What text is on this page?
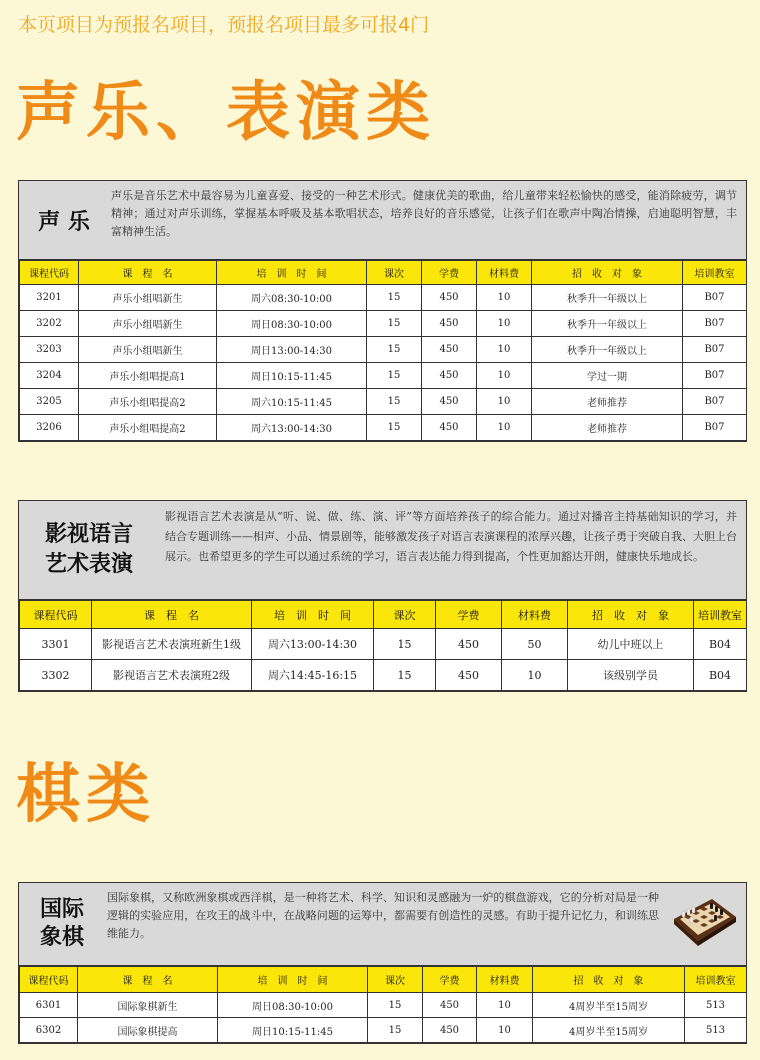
本页项目为预报名项目，预报名项目最多可报4门
声乐、表演类
声 乐
声乐是音乐艺术中最容易为儿童喜爱、接受的一种艺术形式。健康优美的歌曲，给儿童带来轻松愉快的感受，能消除疲劳，调节精神；通过对声乐训练，掌握基本呼吸及基本歌唱状态，培养良好的音乐感觉，让孩子们在歌声中陶冶情操，启迪聪明智慧，丰富精神生活。
课程代码	课　程　名	培　训　时　间	课次	学费	材料费	招　收　对　象	培训教室
3201	声乐小组唱新生	周六08:30-10:00	15	450	10	秋季升一年级以上	B07
3202	声乐小组唱新生	周日08:30-10:00	15	450	10	秋季升一年级以上	B07
3203	声乐小组唱新生	周日13:00-14:30	15	450	10	秋季升一年级以上	B07
3204	声乐小组唱提高1	周日10:15-11:45	15	450	10	学过一期	B07
3205	声乐小组唱提高2	周六10:15-11:45	15	450	10	老师推荐	B07
3206	声乐小组唱提高2	周六13:00-14:30	15	450	10	老师推荐	B07
影视语言
艺术表演
影视语言艺术表演是从“听、说、做、练、演、评”等方面培养孩子的综合能力。通过对播音主持基础知识的学习，并结合专题训练——相声、小品、情景剧等，能够激发孩子对语言表演课程的浓厚兴趣，让孩子勇于突破自我、大胆上台展示。也希望更多的学生可以通过系统的学习，语言表达能力得到提高，个性更加豁达开朗，健康快乐地成长。
课程代码	课　程　名	培　训　时　间	课次	学费	材料费	招　收　对　象	培训教室
3301	影视语言艺术表演班新生1级	周六13:00-14:30	15	450	50	幼儿中班以上	B04
3302	影视语言艺术表演班2级	周六14:45-16:15	15	450	10	该级别学员	B04
棋类
国际
象棋
国际象棋，又称欧洲象棋或西洋棋，是一种将艺术、科学、知识和灵感融为一炉的棋盘游戏，它的分析对局是一种逻辑的实验应用，在攻王的战斗中，在战略问题的运筹中，都需要有创造性的灵感。有助于提升记忆力，和训练思维能力。
课程代码	课　程　名	培　训　时　间	课次	学费	材料费	招　收　对　象	培训教室
6301	国际象棋新生	周日08:30-10:00	15	450	10	4周岁半至15周岁	513
6302	国际象棋提高	周日10:15-11:45	15	450	10	4周岁半至15周岁	513
